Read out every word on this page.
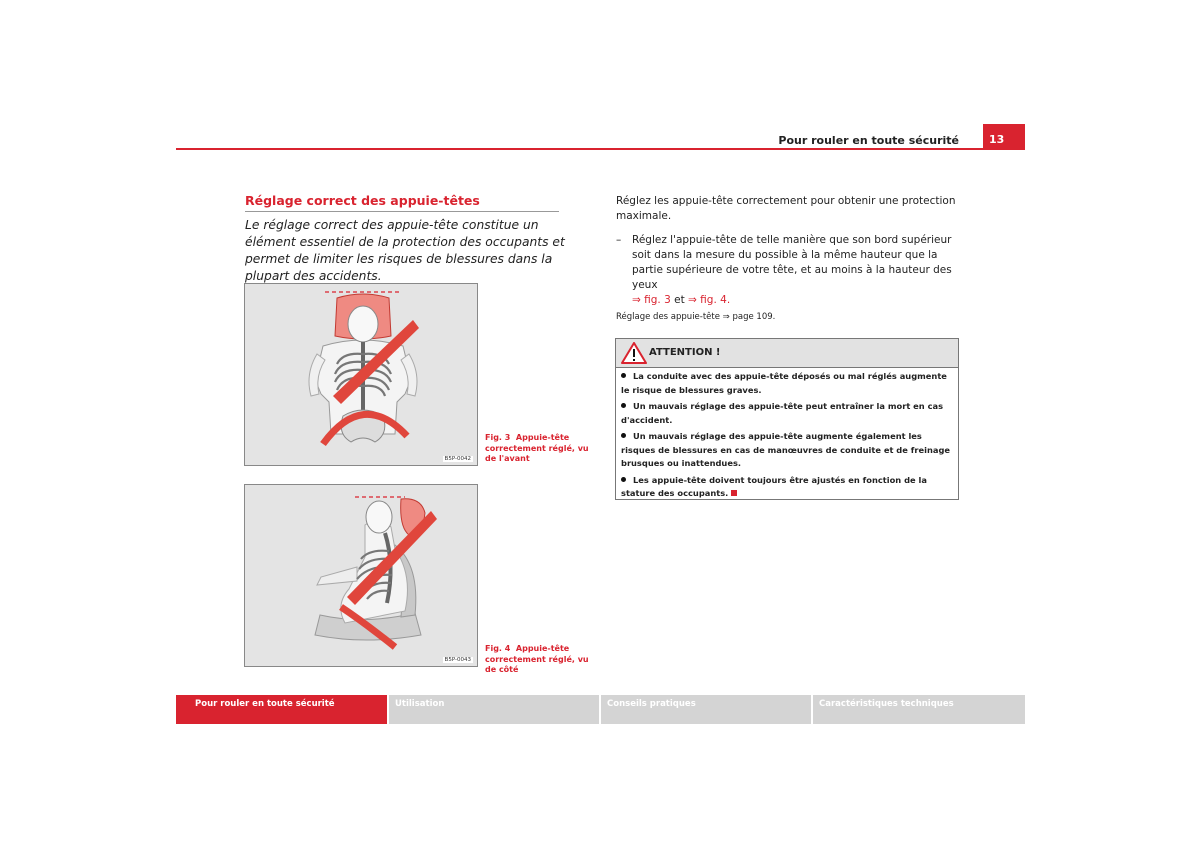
Pour rouler en toute sécurité	13
Réglage correct des appuie-têtes
Le réglage correct des appuie-tête constitue un élément essentiel de la protection des occupants et permet de limiter les risques de blessures dans la plupart des accidents.
B5P-0042
Fig. 3 Appuie-tête correctement réglé, vu de l'avant
B5P-0043
Fig. 4 Appuie-tête correctement réglé, vu de côté
Réglez les appuie-tête correctement pour obtenir une protection maximale.
– Réglez l'appuie-tête de telle manière que son bord supérieur soit dans la mesure du possible à la même hauteur que la partie supérieure de votre tête, et au moins à la hauteur des yeux
⇒ fig. 3 et ⇒ fig. 4.
Réglage des appuie-tête ⇒ page 109.
ATTENTION !
La conduite avec des appuie-tête déposés ou mal réglés augmente le risque de blessures graves.
Un mauvais réglage des appuie-tête peut entraîner la mort en cas d'accident.
Un mauvais réglage des appuie-tête augmente également les risques de blessures en cas de manœuvres de conduite et de freinage brusques ou inattendues.
Les appuie-tête doivent toujours être ajustés en fonction de la stature des occupants.
Pour rouler en toute sécurité	Utilisation	Conseils pratiques	Caractéristiques techniques
